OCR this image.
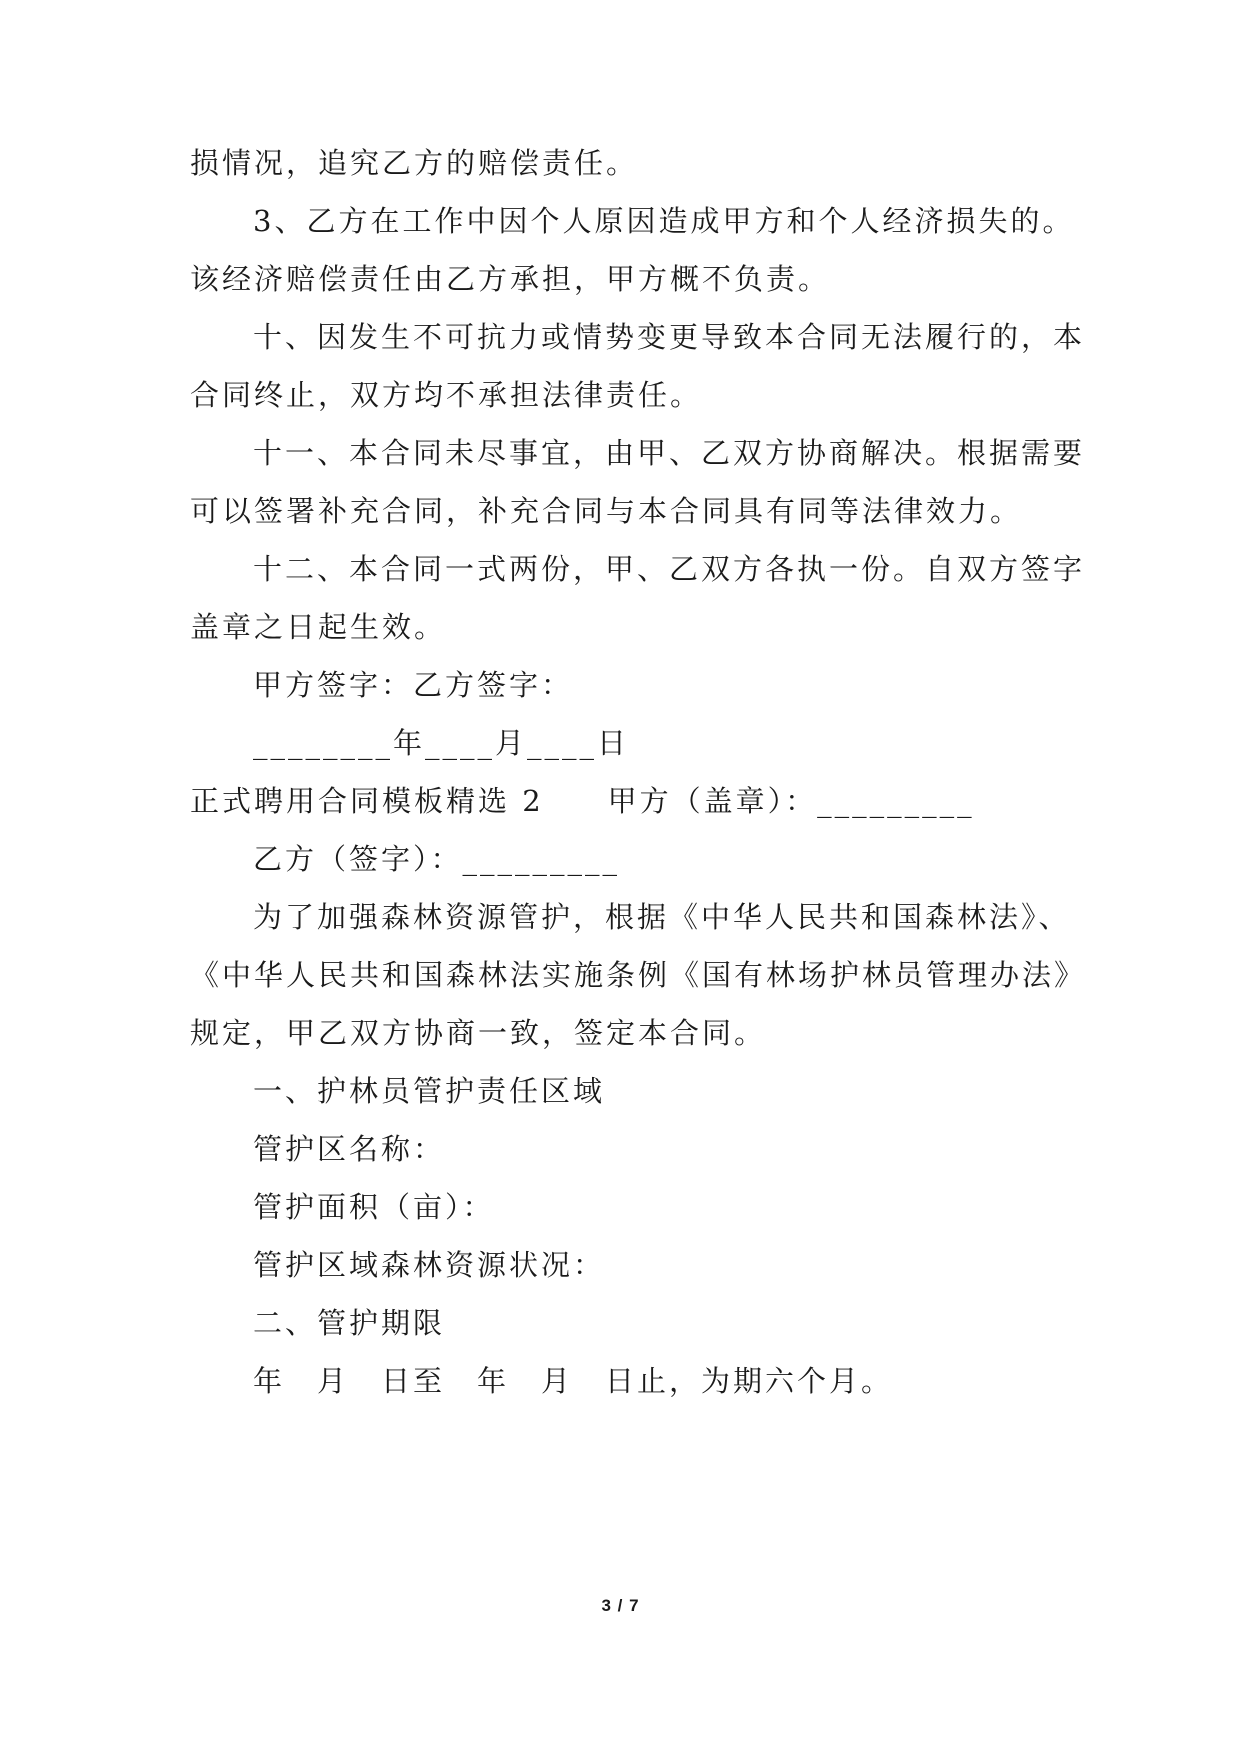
损情况，追究乙方的赔偿责任。
3、乙方在工作中因个人原因造成甲方和个人经济损失的。
该经济赔偿责任由乙方承担，甲方概不负责。
十、因发生不可抗力或情势变更导致本合同无法履行的，本
合同终止，双方均不承担法律责任。
十一、本合同未尽事宜，由甲、乙双方协商解决。根据需要
可以签署补充合同，补充合同与本合同具有同等法律效力。
十二、本合同一式两份，甲、乙双方各执一份。自双方签字
盖章之日起生效。
甲方签字：乙方签字：
________年____月____日
正式聘用合同模板精选 2　　甲方（盖章）：_________
乙方（签字）：_________
为了加强森林资源管护，根据《中华人民共和国森林法》、
《中华人民共和国森林法实施条例《国有林场护林员管理办法》
规定，甲乙双方协商一致，签定本合同。
一、护林员管护责任区域
管护区名称：
管护面积（亩）：
管护区域森林资源状况：
二、管护期限
年　月　日至　年　月　日止，为期六个月。
3 / 7
